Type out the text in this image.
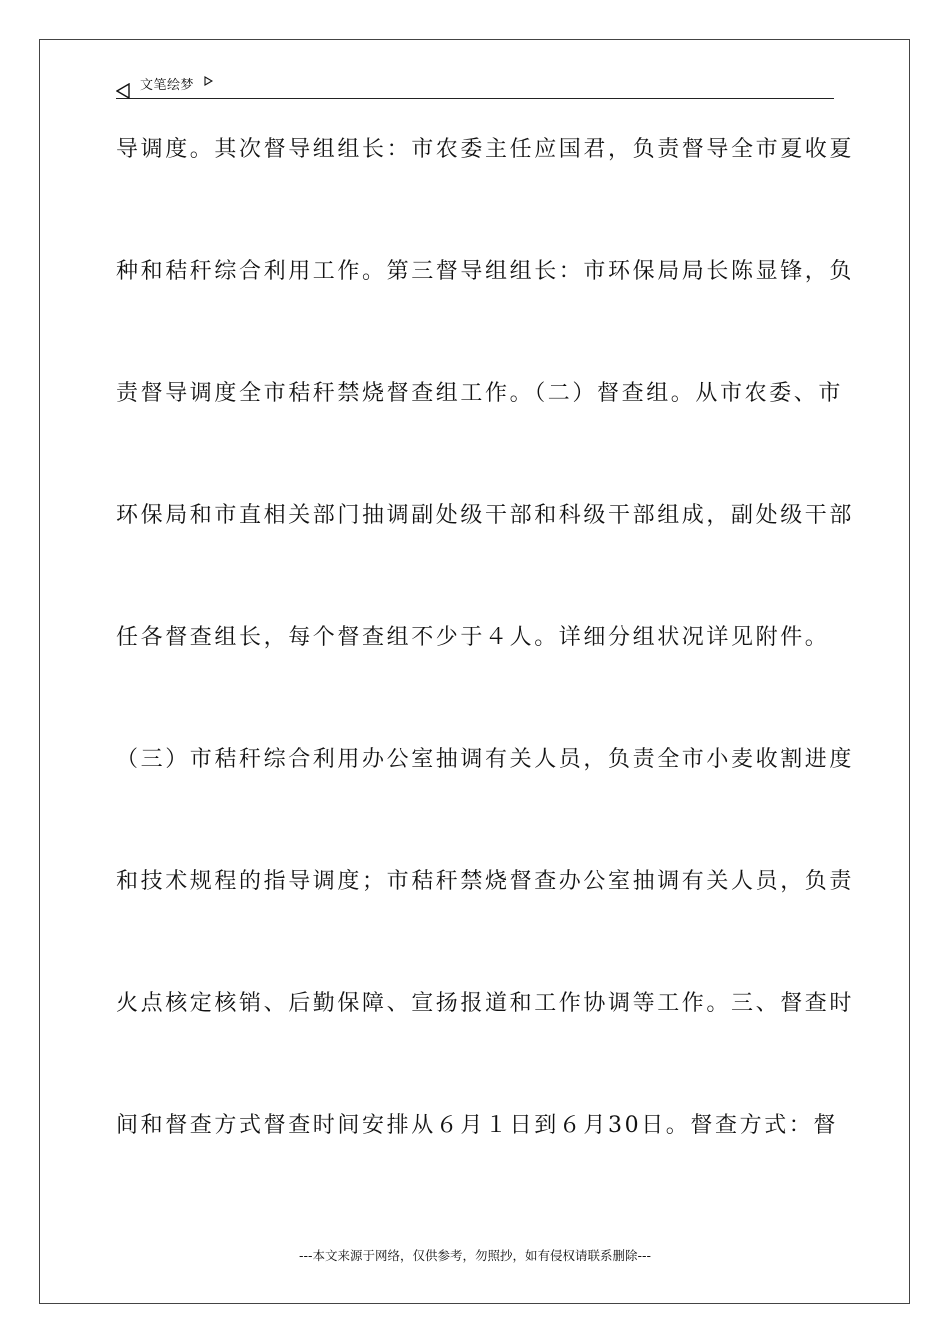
文笔绘梦
导调度。其次督导组组长：市农委主任应国君，负责督导全市夏收夏
种和秸秆综合利用工作。第三督导组组长：市环保局局长陈显锋，负
责督导调度全市秸秆禁烧督查组工作。（二）督查组。从市农委、市
环保局和市直相关部门抽调副处级干部和科级干部组成，副处级干部
任各督查组长，每个督查组不少于４人。详细分组状况详见附件。
（三）市秸秆综合利用办公室抽调有关人员，负责全市小麦收割进度
和技术规程的指导调度；市秸秆禁烧督查办公室抽调有关人员，负责
火点核定核销、后勤保障、宣扬报道和工作协调等工作。三、督查时
间和督查方式督查时间安排从６月１日到６月30日。督查方式：督
---本文来源于网络，仅供参考，勿照抄，如有侵权请联系删除---
